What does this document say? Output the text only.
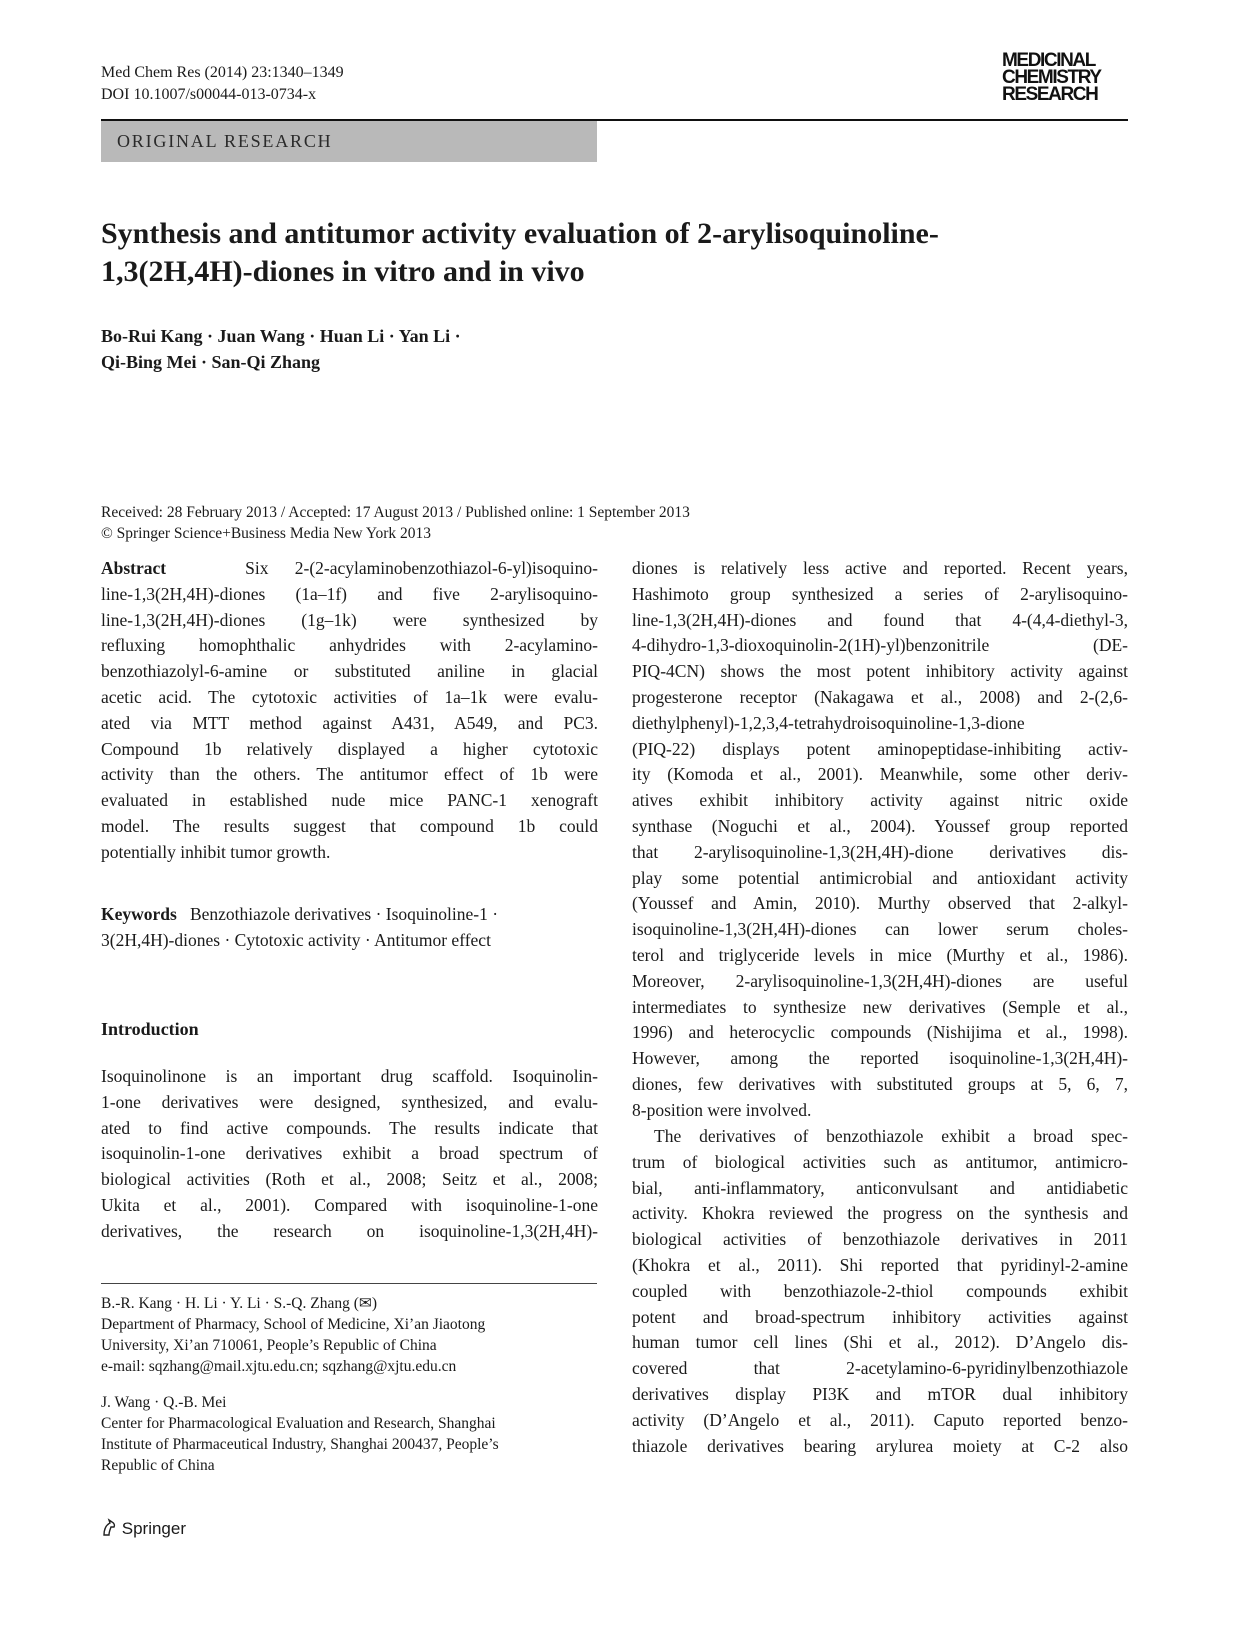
Med Chem Res (2014) 23:1340–1349
DOI 10.1007/s00044-013-0734-x
MEDICINAL
CHEMISTRY
RESEARCH
ORIGINAL RESEARCH
Synthesis and antitumor activity evaluation of 2-arylisoquinoline-
1,3(2H,4H)-diones in vitro and in vivo
Bo-Rui Kang · Juan Wang · Huan Li · Yan Li ·
Qi-Bing Mei · San-Qi Zhang
Received: 28 February 2013 / Accepted: 17 August 2013 / Published online: 1 September 2013
© Springer Science+Business Media New York 2013
Abstract	Six 2-(2-acylaminobenzothiazol-6-yl)isoquino-
line-1,3(2H,4H)-diones (1a–1f) and five 2-arylisoquino-
line-1,3(2H,4H)-diones (1g–1k) were synthesized by
refluxing homophthalic anhydrides with 2-acylamino-
benzothiazolyl-6-amine or substituted aniline in glacial
acetic acid. The cytotoxic activities of 1a–1k were evalu-
ated via MTT method against A431, A549, and PC3.
Compound 1b relatively displayed a higher cytotoxic
activity than the others. The antitumor effect of 1b were
evaluated in established nude mice PANC-1 xenograft
model. The results suggest that compound 1b could
potentially inhibit tumor growth.
Keywords Benzothiazole derivatives · Isoquinoline-1 ·
3(2H,4H)-diones · Cytotoxic activity · Antitumor effect
Introduction
Isoquinolinone is an important drug scaffold. Isoquinolin-
1-one derivatives were designed, synthesized, and evalu-
ated to find active compounds. The results indicate that
isoquinolin-1-one derivatives exhibit a broad spectrum of
biological activities (Roth et al., 2008; Seitz et al., 2008;
Ukita et al., 2001). Compared with isoquinoline-1-one
derivatives, the research on isoquinoline-1,3(2H,4H)-
B.-R. Kang · H. Li · Y. Li · S.-Q. Zhang (✉)
Department of Pharmacy, School of Medicine, Xi’an Jiaotong
University, Xi’an 710061, People’s Republic of China
e-mail: sqzhang@mail.xjtu.edu.cn; sqzhang@xjtu.edu.cn
J. Wang · Q.-B. Mei
Center for Pharmacological Evaluation and Research, Shanghai
Institute of Pharmaceutical Industry, Shanghai 200437, People’s
Republic of China
diones is relatively less active and reported. Recent years,
Hashimoto group synthesized a series of 2-arylisoquino-
line-1,3(2H,4H)-diones and found that 4-(4,4-diethyl-3,
4-dihydro-1,3-dioxoquinolin-2(1H)-yl)benzonitrile (DE-
PIQ-4CN) shows the most potent inhibitory activity against
progesterone receptor (Nakagawa et al., 2008) and 2-(2,6-
diethylphenyl)-1,2,3,4-tetrahydroisoquinoline-1,3-dione
(PIQ-22) displays potent aminopeptidase-inhibiting activ-
ity (Komoda et al., 2001). Meanwhile, some other deriv-
atives exhibit inhibitory activity against nitric oxide
synthase (Noguchi et al., 2004). Youssef group reported
that 2-arylisoquinoline-1,3(2H,4H)-dione derivatives dis-
play some potential antimicrobial and antioxidant activity
(Youssef and Amin, 2010). Murthy observed that 2-alkyl-
isoquinoline-1,3(2H,4H)-diones can lower serum choles-
terol and triglyceride levels in mice (Murthy et al., 1986).
Moreover, 2-arylisoquinoline-1,3(2H,4H)-diones are useful
intermediates to synthesize new derivatives (Semple et al.,
1996) and heterocyclic compounds (Nishijima et al., 1998).
However, among the reported isoquinoline-1,3(2H,4H)-
diones, few derivatives with substituted groups at 5, 6, 7,
8-position were involved.
The derivatives of benzothiazole exhibit a broad spec-
trum of biological activities such as antitumor, antimicro-
bial, anti-inflammatory, anticonvulsant and antidiabetic
activity. Khokra reviewed the progress on the synthesis and
biological activities of benzothiazole derivatives in 2011
(Khokra et al., 2011). Shi reported that pyridinyl-2-amine
coupled with benzothiazole-2-thiol compounds exhibit
potent and broad-spectrum inhibitory activities against
human tumor cell lines (Shi et al., 2012). D’Angelo dis-
covered that 2-acetylamino-6-pyridinylbenzothiazole
derivatives display PI3K and mTOR dual inhibitory
activity (D’Angelo et al., 2011). Caputo reported benzo-
thiazole derivatives bearing arylurea moiety at C-2 also
Springer
